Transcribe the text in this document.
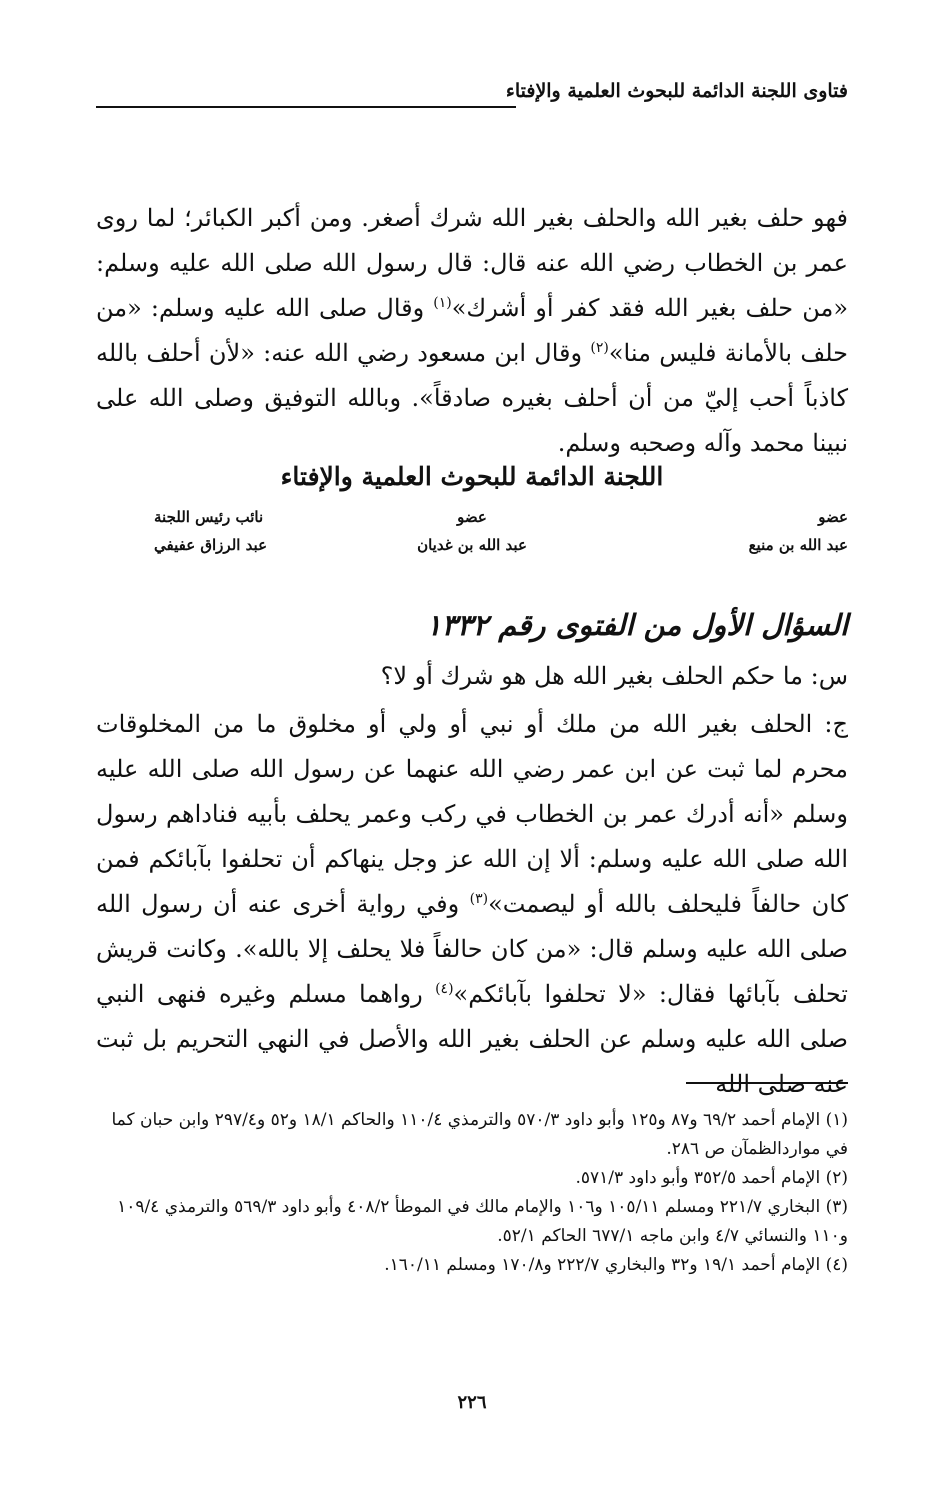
فتاوى اللجنة الدائمة للبحوث العلمية والإفتاء
فهو حلف بغير الله والحلف بغير الله شرك أصغر. ومن أكبر الكبائر؛ لما روى عمر بن الخطاب رضي الله عنه قال: قال رسول الله صلى الله عليه وسلم: «من حلف بغير الله فقد كفر أو أشرك»$^{(١)}$ وقال صلى الله عليه وسلم: «من حلف بالأمانة فليس منا»$^{(٢)}$ وقال ابن مسعود رضي الله عنه: «لأن أحلف بالله كاذباً أحب إليّ من أن أحلف بغيره صادقاً». وبالله التوفيق وصلى الله على نبينا محمد وآله وصحبه وسلم.
اللجنة الدائمة للبحوث العلمية والإفتاء
عضو
عضو
نائب رئيس اللجنة
عبد الله بن منيع
عبد الله بن غديان
عبد الرزاق عفيفي
السؤال الأول من الفتوى رقم ١٣٣٢
س: ما حكم الحلف بغير الله هل هو شرك أو لا؟
ج: الحلف بغير الله من ملك أو نبي أو ولي أو مخلوق ما من المخلوقات محرم لما ثبت عن ابن عمر رضي الله عنهما عن رسول الله صلى الله عليه وسلم «أنه أدرك عمر بن الخطاب في ركب وعمر يحلف بأبيه فناداهم رسول الله صلى الله عليه وسلم: ألا إن الله عز وجل ينهاكم أن تحلفوا بآبائكم فمن كان حالفاً فليحلف بالله أو ليصمت»$^{(٣)}$ وفي رواية أخرى عنه أن رسول الله صلى الله عليه وسلم قال: «من كان حالفاً فلا يحلف إلا بالله». وكانت قريش تحلف بآبائها فقال: «لا تحلفوا بآبائكم»$^{(٤)}$ رواهما مسلم وغيره فنهى النبي صلى الله عليه وسلم عن الحلف بغير الله والأصل في النهي التحريم بل ثبت عنه صلى الله

(١) الإمام أحمد ٦٩/٢ و٨٧ و١٢٥ وأبو داود ٥٧٠/٣ والترمذي ١١٠/٤ والحاكم ١٨/١ و٥٢ و٢٩٧/٤ وابن حبان كما في مواردالظمآن ص ٢٨٦.

(٢) الإمام أحمد ٣٥٢/٥ وأبو داود ٥٧١/٣.

(٣) البخاري ٢٢١/٧ ومسلم ١٠٥/١١ و١٠٦ والإمام مالك في الموطأ ٤٠٨/٢ وأبو داود ٥٦٩/٣ والترمذي ١٠٩/٤ و١١٠ والنسائي ٤/٧ وابن ماجه ٦٧٧/١ الحاكم ٥٢/١.

(٤) الإمام أحمد ١٩/١ و٣٢ والبخاري ٢٢٢/٧ و١٧٠/٨ ومسلم ١٦٠/١١.

٢٢٦
